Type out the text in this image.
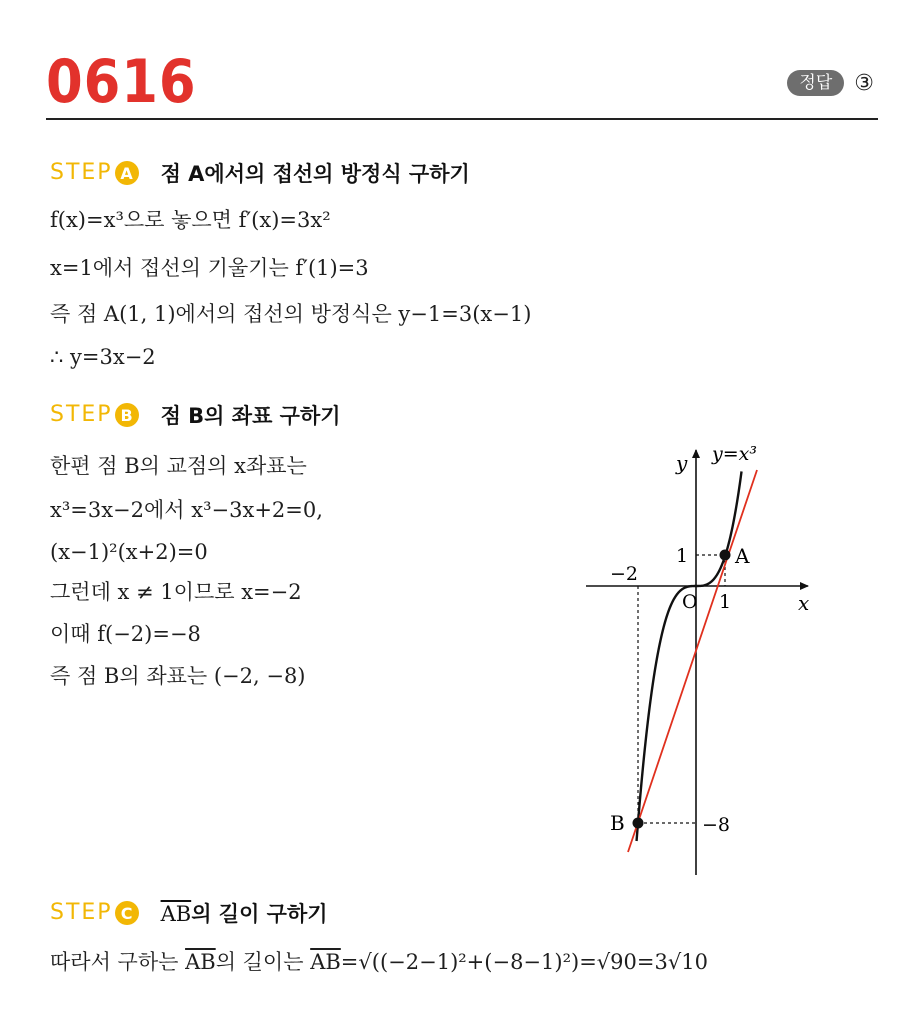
0616	정답	③
STEP A 점 A에서의 접선의 방정식 구하기
f(x)=x³으로 놓으면 f′(x)=3x²
x=1에서 접선의 기울기는 f′(1)=3
즉 점 A(1, 1)에서의 접선의 방정식은 y−1=3(x−1)
∴ y=3x−2
STEP B 점 B의 좌표 구하기
한편 점 B의 교점의 x좌표는
x³=3x−2에서 x³−3x+2=0,
(x−1)²(x+2)=0
그런데 x ≠ 1이므로 x=−2
이때 f(−2)=−8
즉 점 B의 좌표는 (−2, −8)
y y=x³
x
O 1
1 A
−2
B	−8
STEP C $\overline{AB}$의 길이 구하기
따라서 구하는 $\overline{AB}$의 길이는 $\overline{AB}=√((-2-1)^2+(-8-1)^2)=√90=3√10$
